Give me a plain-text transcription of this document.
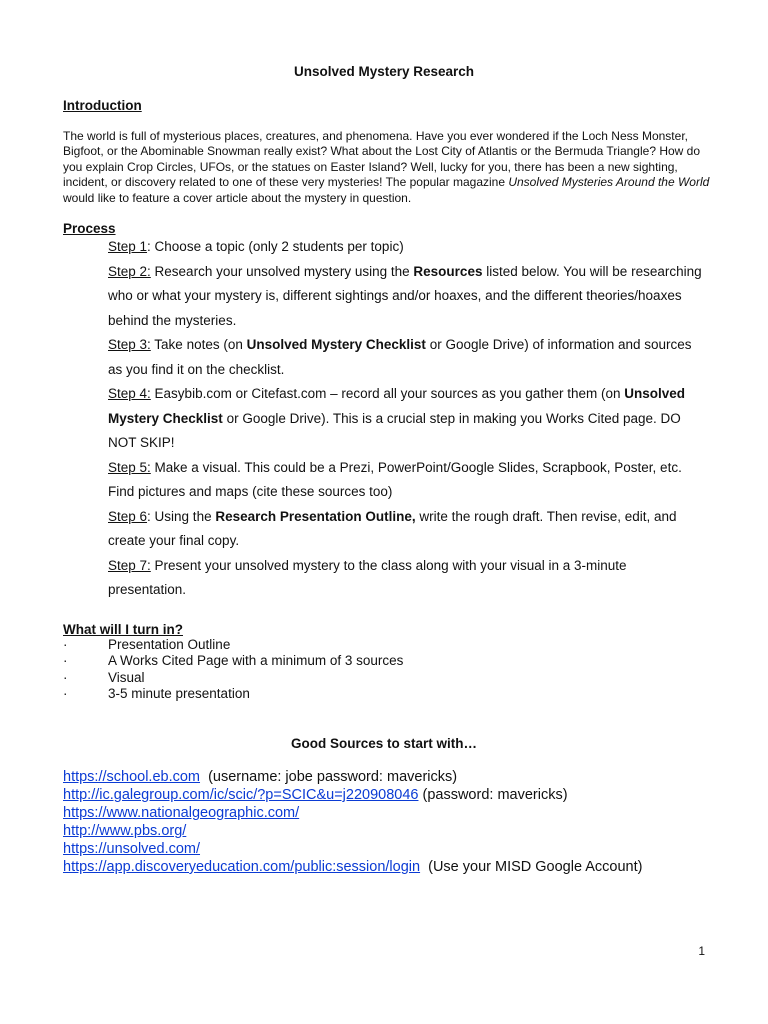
Unsolved Mystery Research
Introduction
The world is full of mysterious places, creatures, and phenomena. Have you ever wondered if the Loch Ness Monster, Bigfoot, or the Abominable Snowman really exist? What about the Lost City of Atlantis or the Bermuda Triangle? How do you explain Crop Circles, UFOs, or the statues on Easter Island? Well, lucky for you, there has been a new sighting, incident, or discovery related to one of these very mysteries! The popular magazine Unsolved Mysteries Around the World would like to feature a cover article about the mystery in question.
Process
Step 1: Choose a topic (only 2 students per topic)
Step 2: Research your unsolved mystery using the Resources listed below. You will be researching who or what your mystery is, different sightings and/or hoaxes, and the different theories/hoaxes behind the mysteries.
Step 3: Take notes (on Unsolved Mystery Checklist or Google Drive) of information and sources as you find it on the checklist.
Step 4: Easybib.com or Citefast.com – record all your sources as you gather them (on Unsolved Mystery Checklist or Google Drive). This is a crucial step in making you Works Cited page. DO NOT SKIP!
Step 5: Make a visual. This could be a Prezi, PowerPoint/Google Slides, Scrapbook, Poster, etc. Find pictures and maps (cite these sources too)
Step 6: Using the Research Presentation Outline, write the rough draft. Then revise, edit, and create your final copy.
Step 7: Present your unsolved mystery to the class along with your visual in a 3-minute presentation.
What will I turn in?
·	Presentation Outline
·	A Works Cited Page with a minimum of 3 sources
·	Visual
·	3-5 minute presentation
Good Sources to start with…
https://school.eb.com  (username: jobe password: mavericks)
http://ic.galegroup.com/ic/scic/?p=SCIC&u=j220908046 (password: mavericks)
https://www.nationalgeographic.com/
http://www.pbs.org/
https://unsolved.com/
https://app.discoveryeducation.com/public:session/login  (Use your MISD Google Account)
1
